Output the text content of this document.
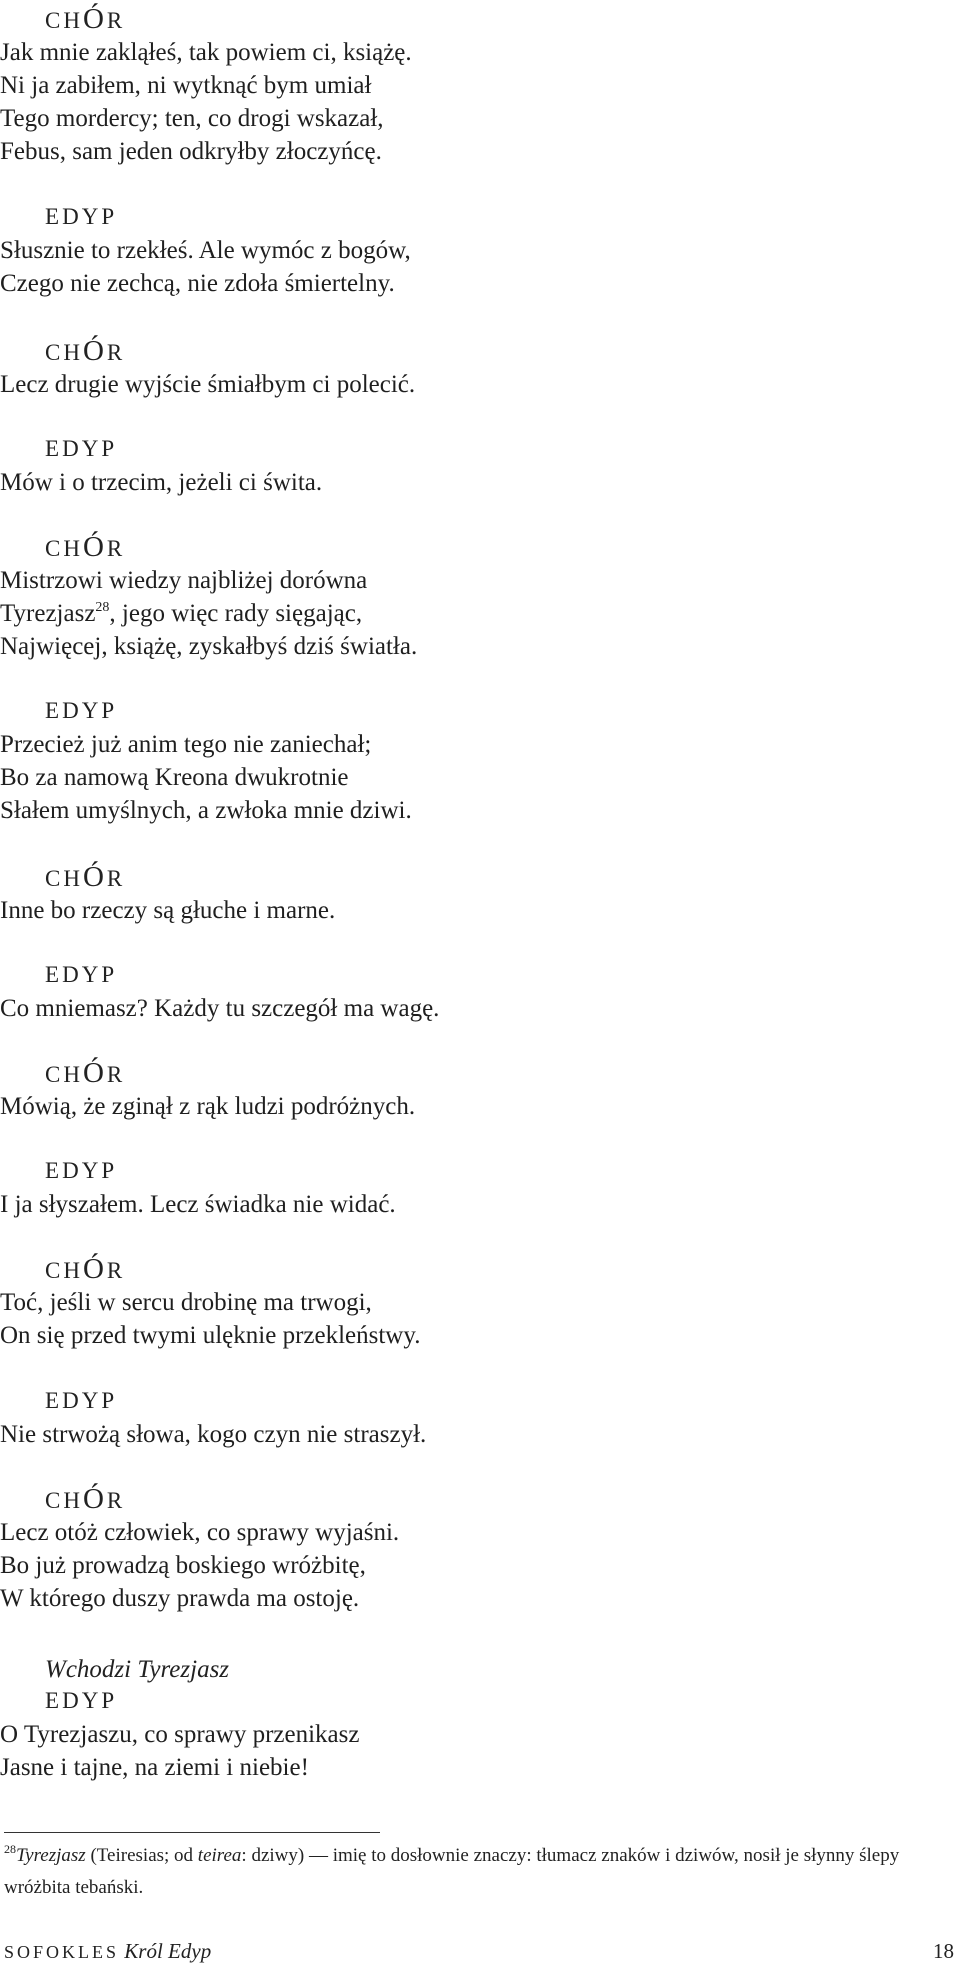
CHÓR
Jak mnie zakląłeś, tak powiem ci, książę.
Ni ja zabiłem, ni wytknąć bym umiał
Tego mordercy; ten, co drogi wskazał,
Febus, sam jeden odkryłby złoczyńcę.
EDYP
Słusznie to rzekłeś. Ale wymóc z bogów,
Czego nie zechcą, nie zdoła śmiertelny.
CHÓR
Lecz drugie wyjście śmiałbym ci polecić.
EDYP
Mów i o trzecim, jeżeli ci świta.
CHÓR
Mistrzowi wiedzy najbliżej dorówna
Tyrezjasz$^{28}$, jego więc rady sięgając,
Najwięcej, książę, zyskałbyś dziś światła.
EDYP
Przecież już anim tego nie zaniechał;
Bo za namową Kreona dwukrotnie
Słałem umyślnych, a zwłoka mnie dziwi.
CHÓR
Inne bo rzeczy są głuche i marne.
EDYP
Co mniemasz? Każdy tu szczegół ma wagę.
CHÓR
Mówią, że zginął z rąk ludzi podróżnych.
EDYP
I ja słyszałem. Lecz świadka nie widać.
CHÓR
Toć, jeśli w sercu drobinę ma trwogi,
On się przed twymi ulęknie przekleństwy.
EDYP
Nie strwożą słowa, kogo czyn nie straszył.
CHÓR
Lecz otóż człowiek, co sprawy wyjaśni.
Bo już prowadzą boskiego wróżbitę,
W którego duszy prawda ma ostoję.
Wchodzi Tyrezjasz
EDYP
O Tyrezjaszu, co sprawy przenikasz
Jasne i tajne, na ziemi i niebie!
$^{28}$Tyrezjasz (Teiresias; od teirea: dziwy) — imię to dosłownie znaczy: tłumacz znaków i dziwów, nosił je słynny ślepy wróżbita tebański.
SOFOKLES Król Edyp	18
